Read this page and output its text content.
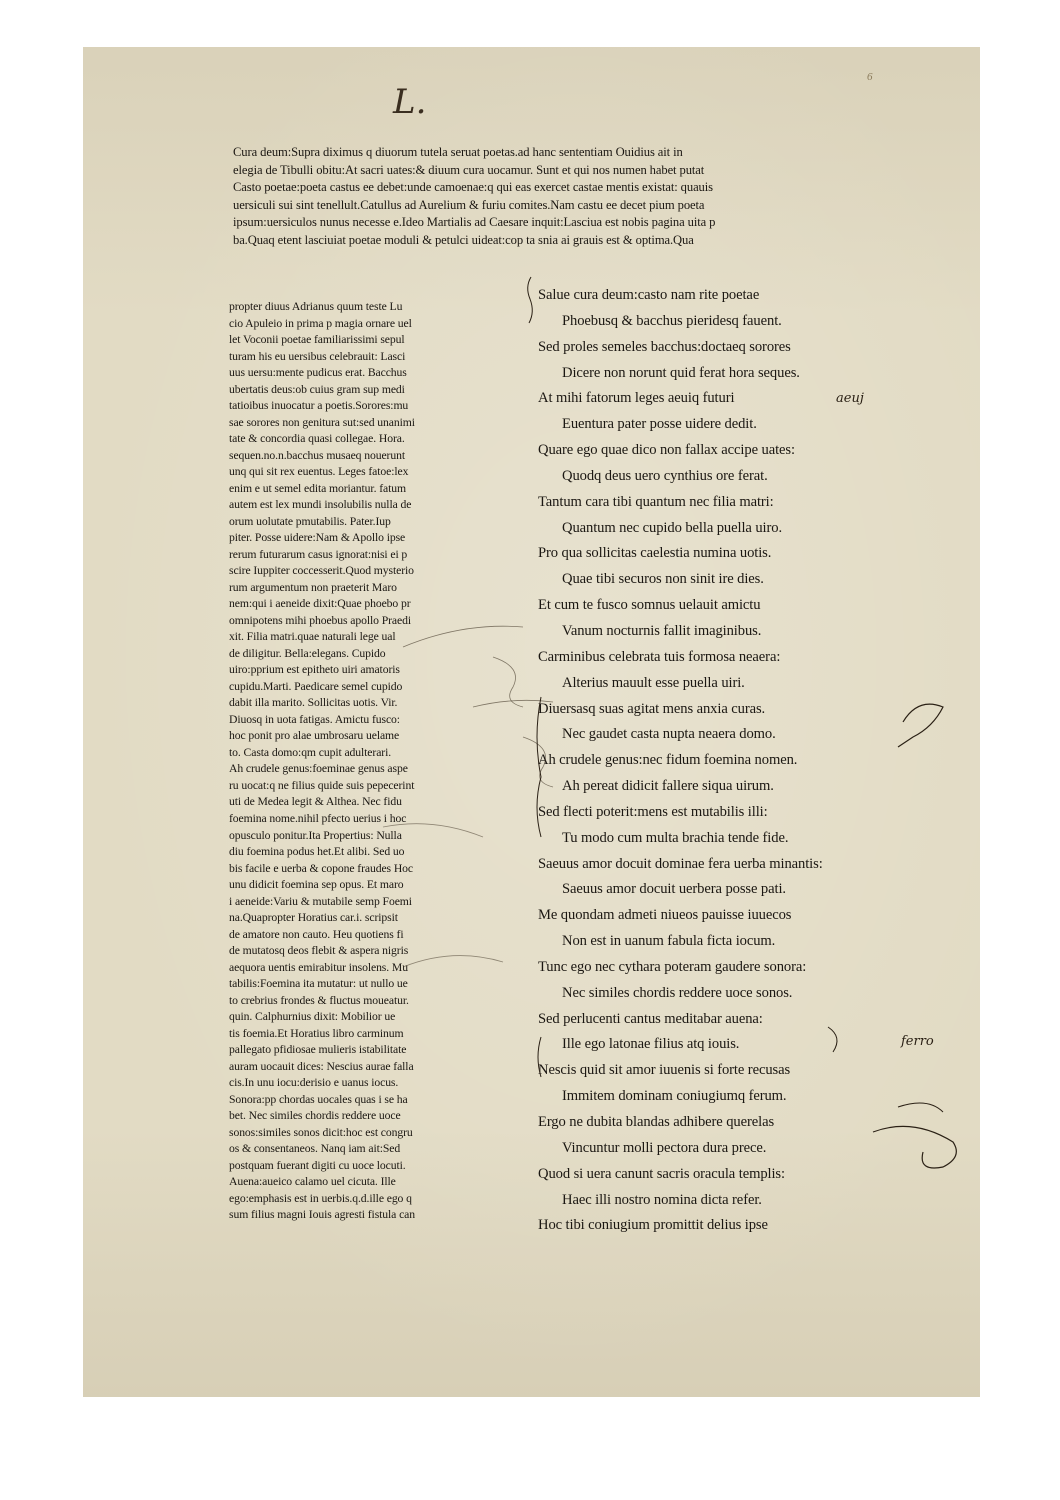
L.
6
Cura deum:Supra diximus q diuorum tutela seruat poetas.ad hanc sententiam Ouidius ait in
elegia de Tibulli obitu:At sacri uates:& diuum cura uocamur. Sunt et qui nos numen habet putat
Casto poetae:poeta castus ee debet:unde camoenae:q qui eas exercet castae mentis existat: quauis
uersiculi sui sint tenellult.Catullus ad Aurelium & furiu comites.Nam castu ee decet pium poeta
ipsum:uersiculos nunus necesse e.Ideo Martialis ad Caesare inquit:Lasciua est nobis pagina uita p
ba.Quaq etent lasciuiat poetae moduli & petulci uideat:cop ta snia ai grauis est & optima.Qua
propter diuus Adrianus quum teste Lu
cio Apuleio in prima p magia ornare uel
let Voconii poetae familiarissimi sepul
turam his eu uersibus celebrauit: Lasci
uus uersu:mente pudicus erat. Bacchus
ubertatis deus:ob cuius gram sup medi
tatioibus inuocatur a poetis.Sorores:mu
sae sorores non genitura sut:sed unanimi
tate & concordia quasi collegae. Hora.
sequen.no.n.bacchus musaeq nouerunt
unq qui sit rex euentus. Leges fatoe:lex
enim e ut semel edita moriantur. fatum
autem est lex mundi insolubilis nulla de
orum uolutate pmutabilis. Pater.Iup
piter. Posse uidere:Nam & Apollo ipse
rerum futurarum casus ignorat:nisi ei p
scire Iuppiter coccesserit.Quod mysterio
rum argumentum non praeterit Maro
nem:qui i aeneide dixit:Quae phoebo pr
omnipotens mihi phoebus apollo Praedi
xit. Filia matri.quae naturali lege ual
de diligitur. Bella:elegans. Cupido
uiro:pprium est epitheto uiri amatoris
cupidu.Marti. Paedicare semel cupido
dabit illa marito. Sollicitas uotis. Vir.
Diuosq in uota fatigas. Amictu fusco:
hoc ponit pro alae umbrosaru uelame
to. Casta domo:qm cupit adulterari.
Ah crudele genus:foeminae genus aspe
ru uocat:q ne filius quide suis pepecerint
uti de Medea legit & Althea. Nec fidu
foemina nome.nihil pfecto uerius i hoc
opusculo ponitur.Ita Propertius: Nulla
diu foemina podus het.Et alibi. Sed uo
bis facile e uerba & copone fraudes Hoc
unu didicit foemina sep opus. Et maro
i aeneide:Variu & mutabile semp Foemi
na.Quapropter Horatius car.i. scripsit
de amatore non cauto. Heu quotiens fi
de mutatosq deos flebit & aspera nigris
aequora uentis emirabitur insolens. Mu
tabilis:Foemina ita mutatur: ut nullo ue
to crebrius frondes & fluctus moueatur.
quin. Calphurnius dixit: Mobilior ue
tis foemia.Et Horatius libro carminum
pallegato pfidiosae mulieris istabilitate
auram uocauit dices: Nescius aurae falla
cis.In unu iocu:derisio e uanus iocus.
Sonora:pp chordas uocales quas i se ha
bet. Nec similes chordis reddere uoce
sonos:similes sonos dicit:hoc est congru
os & consentaneos. Nanq iam ait:Sed
postquam fuerant digiti cu uoce locuti.
Auena:aueico calamo uel cicuta. Ille
ego:emphasis est in uerbis.q.d.ille ego q
sum filius magni Iouis agresti fistula can
Salue cura deum:casto nam rite poetae
Phoebusq & bacchus pieridesq fauent.
Sed proles semeles bacchus:doctaeq sorores
Dicere non norunt quid ferat hora seques.
At mihi fatorum leges aeuiq futuri
Euentura pater posse uidere dedit.
Quare ego quae dico non fallax accipe uates:
Quodq deus uero cynthius ore ferat.
Tantum cara tibi quantum nec filia matri:
Quantum nec cupido bella puella uiro.
Pro qua sollicitas caelestia numina uotis.
Quae tibi securos non sinit ire dies.
Et cum te fusco somnus uelauit amictu
Vanum nocturnis fallit imaginibus.
Carminibus celebrata tuis formosa neaera:
Alterius mauult esse puella uiri.
Diuersasq suas agitat mens anxia curas.
Nec gaudet casta nupta neaera domo.
Ah crudele genus:nec fidum foemina nomen.
Ah pereat didicit fallere siqua uirum.
Sed flecti poterit:mens est mutabilis illi:
Tu modo cum multa brachia tende fide.
Saeuus amor docuit dominae fera uerba minantis:
Saeuus amor docuit uerbera posse pati.
Me quondam admeti niueos pauisse iuuecos
Non est in uanum fabula ficta iocum.
Tunc ego nec cythara poteram gaudere sonora:
Nec similes chordis reddere uoce sonos.
Sed perlucenti cantus meditabar auena:
Ille ego latonae filius atq iouis.
Nescis quid sit amor iuuenis si forte recusas
Immitem dominam coniugiumq ferum.
Ergo ne dubita blandas adhibere querelas
Vincuntur molli pectora dura prece.
Quod si uera canunt sacris oracula templis:
Haec illi nostro nomina dicta refer.
Hoc tibi coniugium promittit delius ipse
aeuj
ferro
